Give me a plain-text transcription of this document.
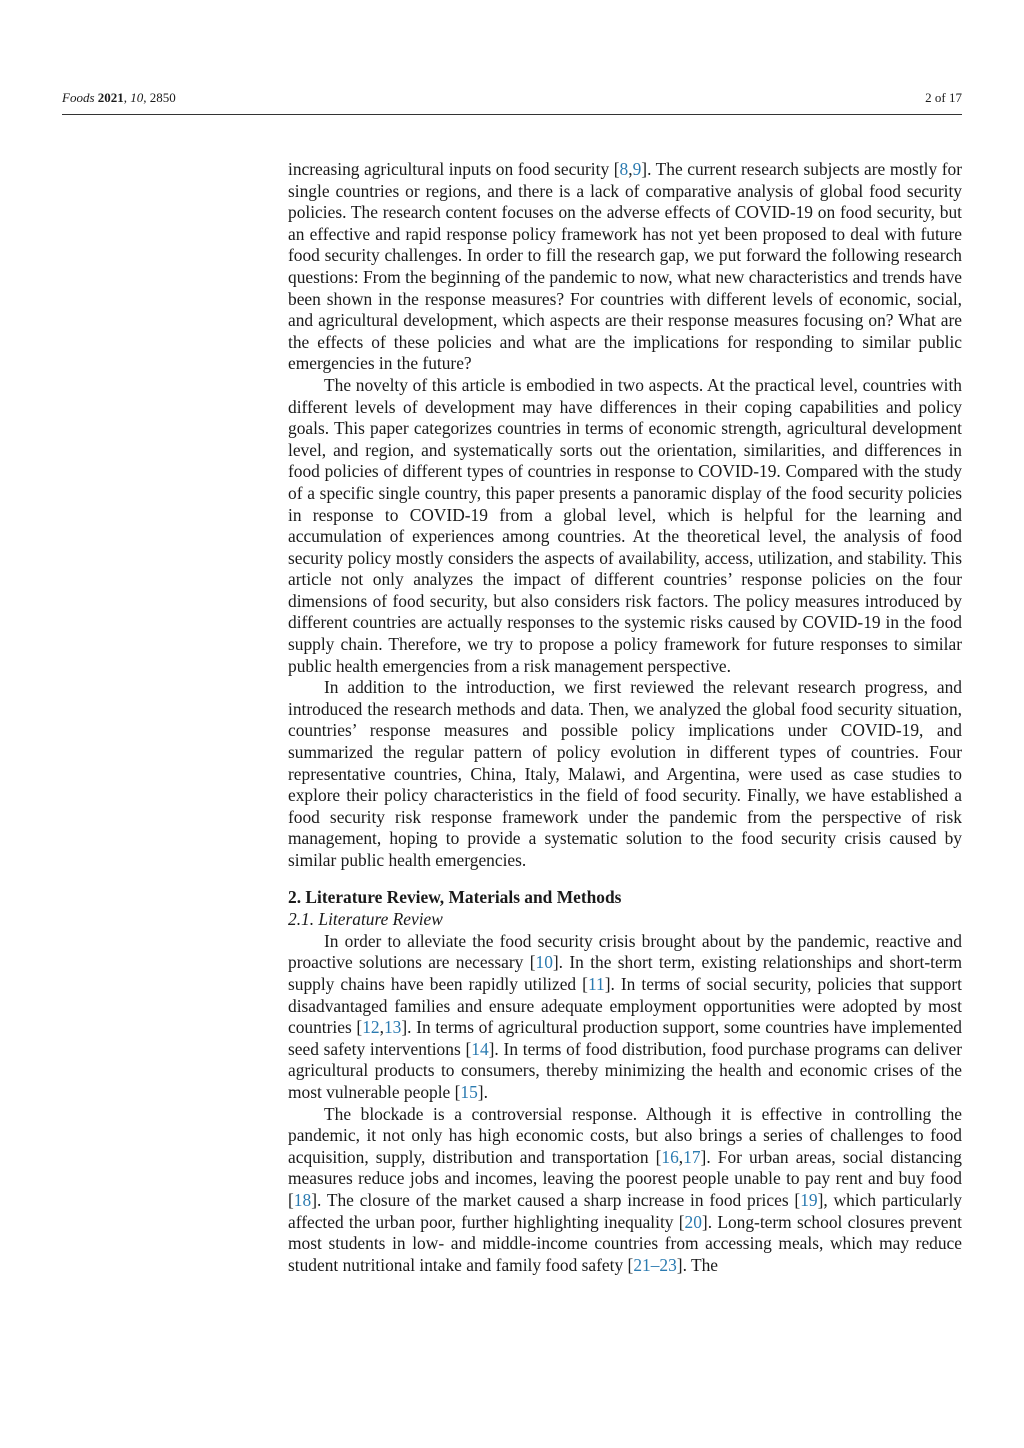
Foods 2021, 10, 2850	2 of 17

increasing agricultural inputs on food security [8,9]. The current research subjects are mostly for single countries or regions, and there is a lack of comparative analysis of global food security policies. The research content focuses on the adverse effects of COVID-19 on food security, but an effective and rapid response policy framework has not yet been proposed to deal with future food security challenges. In order to fill the research gap, we put forward the following research questions: From the beginning of the pandemic to now, what new characteristics and trends have been shown in the response measures? For countries with different levels of economic, social, and agricultural development, which aspects are their response measures focusing on? What are the effects of these policies and what are the implications for responding to similar public emergencies in the future?

The novelty of this article is embodied in two aspects. At the practical level, countries with different levels of development may have differences in their coping capabilities and policy goals. This paper categorizes countries in terms of economic strength, agricultural development level, and region, and systematically sorts out the orientation, similarities, and differences in food policies of different types of countries in response to COVID-19. Compared with the study of a specific single country, this paper presents a panoramic display of the food security policies in response to COVID-19 from a global level, which is helpful for the learning and accumulation of experiences among countries. At the theoretical level, the analysis of food security policy mostly considers the aspects of availability, access, utilization, and stability. This article not only analyzes the impact of different countries’ response policies on the four dimensions of food security, but also considers risk factors. The policy measures introduced by different countries are actually responses to the systemic risks caused by COVID-19 in the food supply chain. Therefore, we try to propose a policy framework for future responses to similar public health emergencies from a risk management perspective.

In addition to the introduction, we first reviewed the relevant research progress, and introduced the research methods and data. Then, we analyzed the global food security situation, countries’ response measures and possible policy implications under COVID-19, and summarized the regular pattern of policy evolution in different types of countries. Four representative countries, China, Italy, Malawi, and Argentina, were used as case studies to explore their policy characteristics in the field of food security. Finally, we have established a food security risk response framework under the pandemic from the perspective of risk management, hoping to provide a systematic solution to the food security crisis caused by similar public health emergencies.

2. Literature Review, Materials and Methods
2.1. Literature Review

In order to alleviate the food security crisis brought about by the pandemic, reactive and proactive solutions are necessary [10]. In the short term, existing relationships and short-term supply chains have been rapidly utilized [11]. In terms of social security, policies that support disadvantaged families and ensure adequate employment opportunities were adopted by most countries [12,13]. In terms of agricultural production support, some countries have implemented seed safety interventions [14]. In terms of food distribution, food purchase programs can deliver agricultural products to consumers, thereby minimizing the health and economic crises of the most vulnerable people [15].

The blockade is a controversial response. Although it is effective in controlling the pandemic, it not only has high economic costs, but also brings a series of challenges to food acquisition, supply, distribution and transportation [16,17]. For urban areas, social distancing measures reduce jobs and incomes, leaving the poorest people unable to pay rent and buy food [18]. The closure of the market caused a sharp increase in food prices [19], which particularly affected the urban poor, further highlighting inequality [20]. Long-term school closures prevent most students in low- and middle-income countries from accessing meals, which may reduce student nutritional intake and family food safety [21–23]. The
